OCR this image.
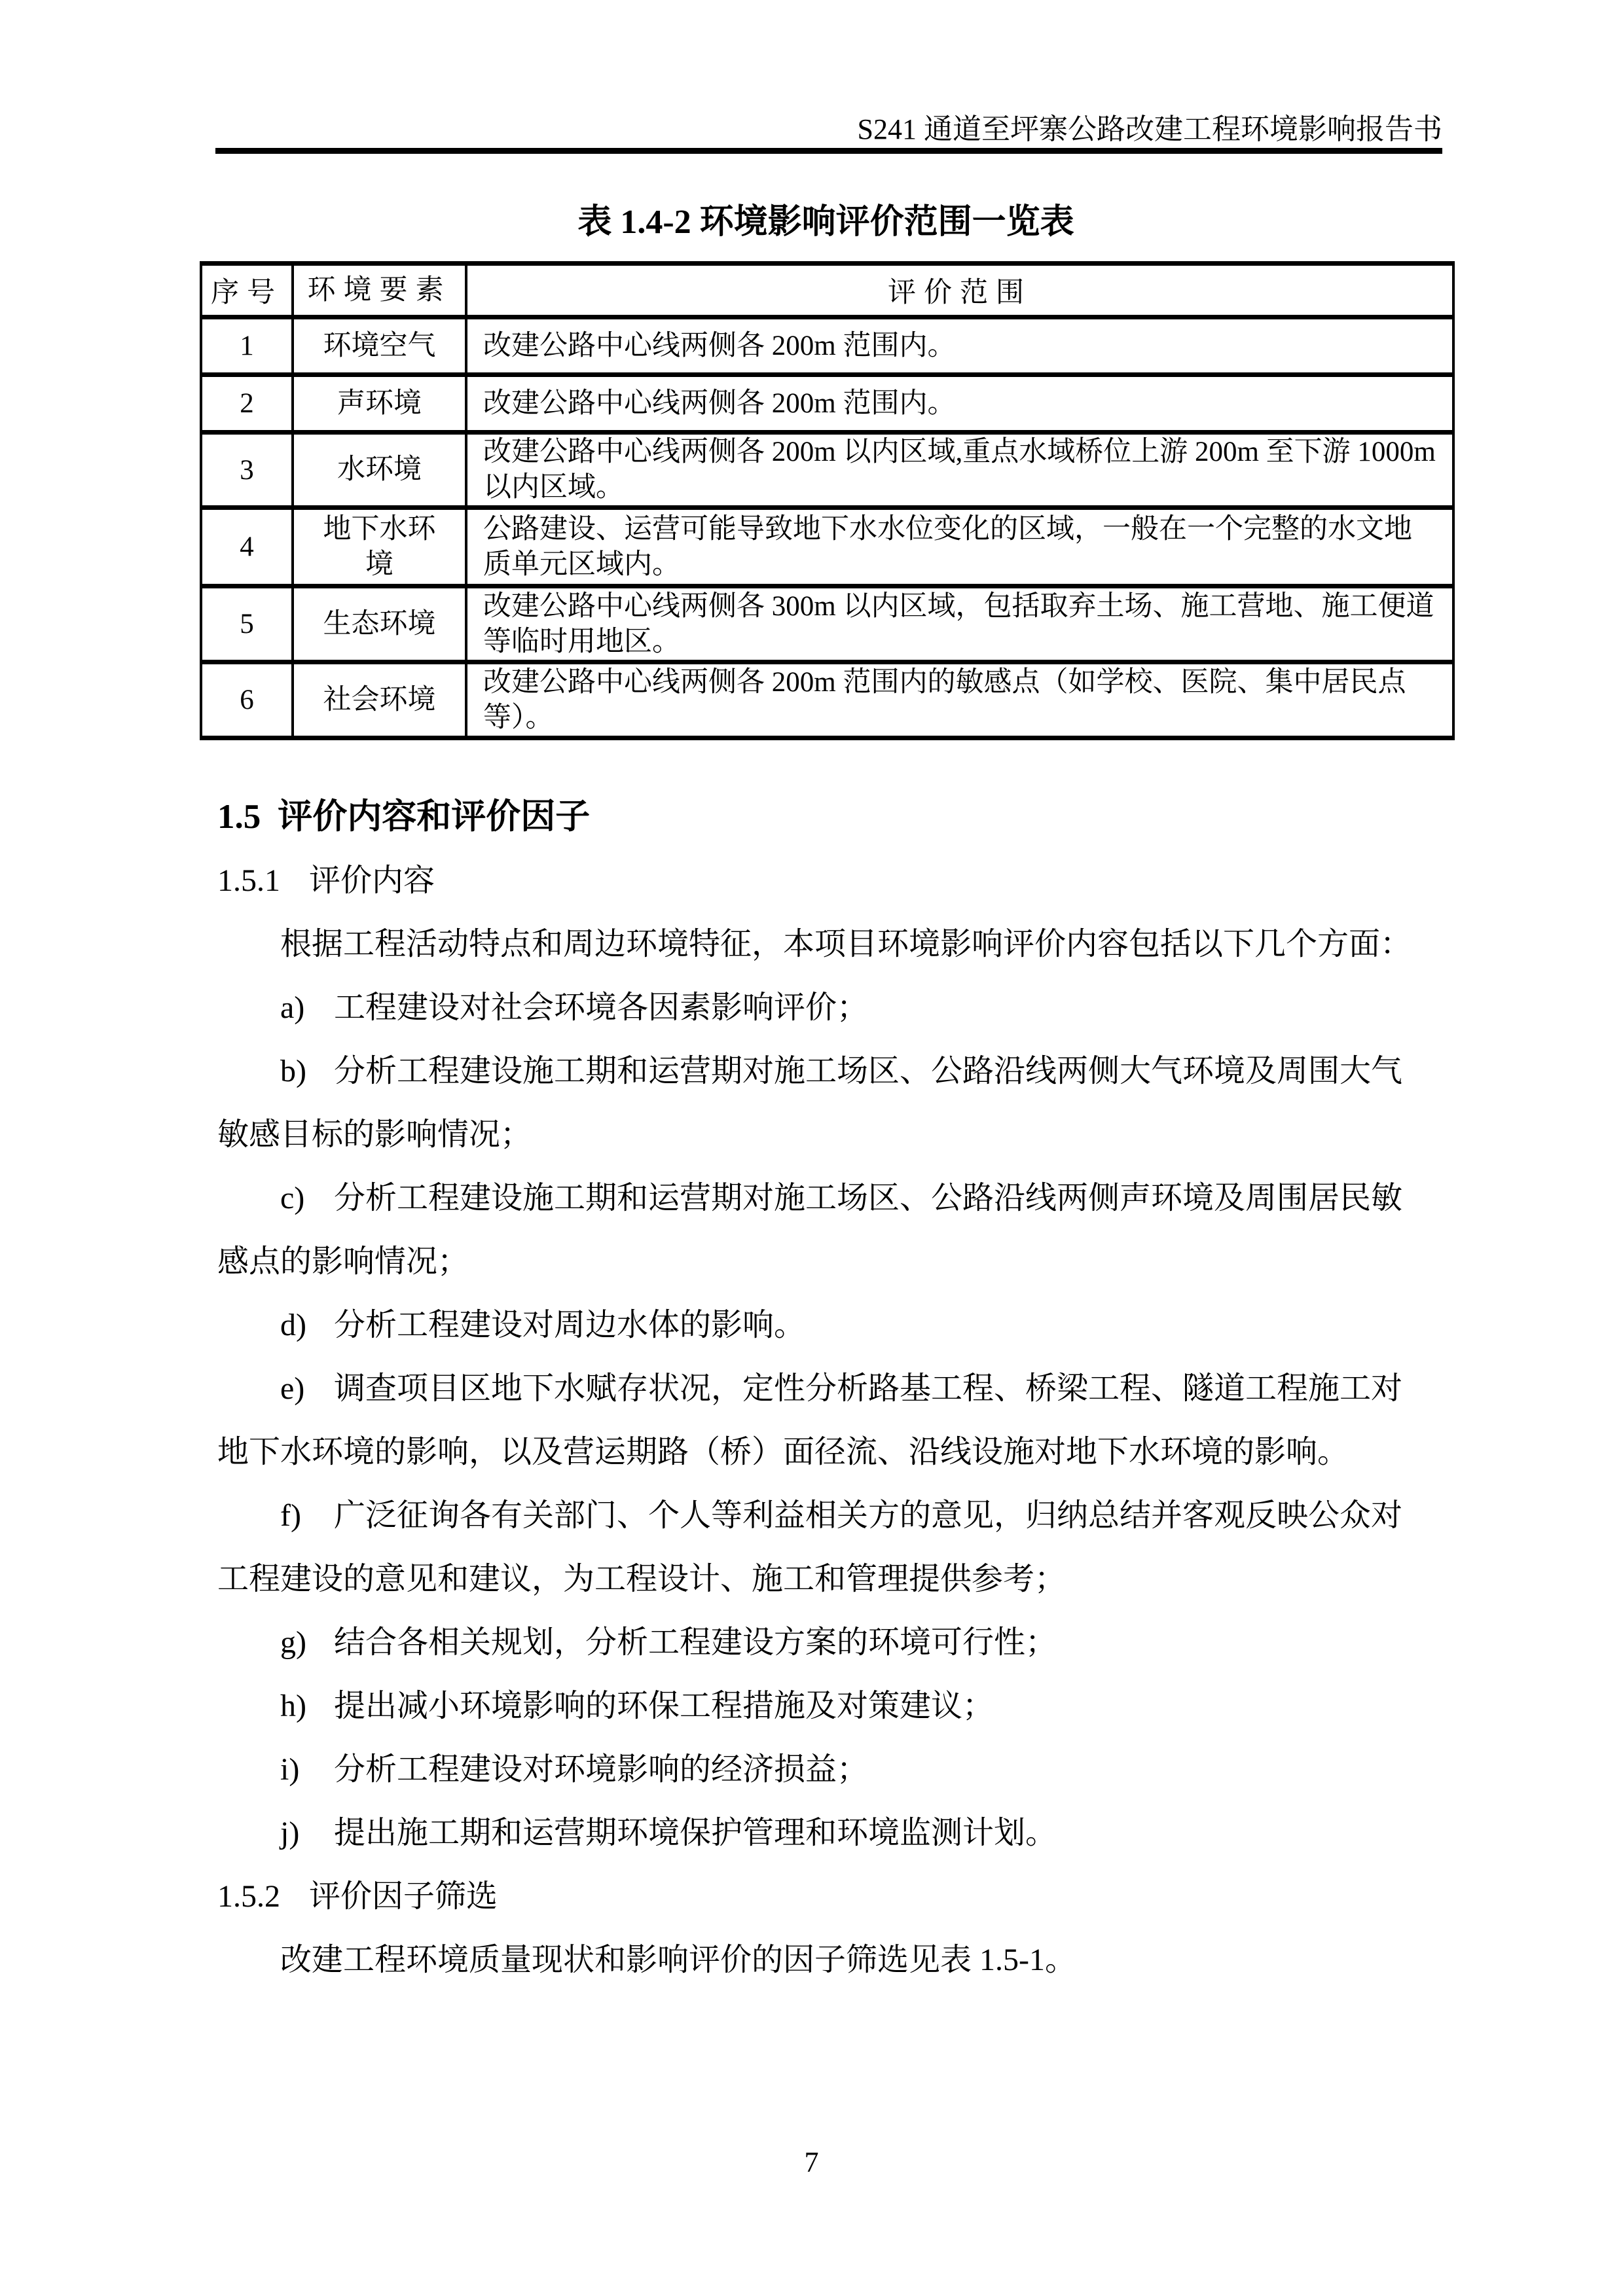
S241 通道至坪寨公路改建工程环境影响报告书
表 1.4-2 环境影响评价范围一览表
序号	环境要素	评价范围
1	环境空气	改建公路中心线两侧各 200m 范围内。

2	声环境	改建公路中心线两侧各 200m 范围内。

3	水环境	改建公路中心线两侧各 200m 以内区域,重点水域桥位上游 200m 至下游 1000m
以内区域。

4	地下水环境	公路建设、运营可能导致地下水水位变化的区域，一般在一个完整的水文地
质单元区域内。

5	生态环境	改建公路中心线两侧各 300m 以内区域，包括取弃土场、施工营地、施工便道
等临时用地区。

6	社会环境	改建公路中心线两侧各 200m 范围内的敏感点（如学校、医院、集中居民点
等）。
1.5 评价内容和评价因子
1.5.1 评价内容
根据工程活动特点和周边环境特征，本项目环境影响评价内容包括以下几个方面：
a) 工程建设对社会环境各因素影响评价；
b) 分析工程建设施工期和运营期对施工场区、公路沿线两侧大气环境及周围大气
敏感目标的影响情况；
c) 分析工程建设施工期和运营期对施工场区、公路沿线两侧声环境及周围居民敏
感点的影响情况；
d) 分析工程建设对周边水体的影响。
e) 调查项目区地下水赋存状况，定性分析路基工程、桥梁工程、隧道工程施工对
地下水环境的影响，以及营运期路（桥）面径流、沿线设施对地下水环境的影响。
f) 广泛征询各有关部门、个人等利益相关方的意见，归纳总结并客观反映公众对
工程建设的意见和建议，为工程设计、施工和管理提供参考；
g) 结合各相关规划，分析工程建设方案的环境可行性；
h) 提出减小环境影响的环保工程措施及对策建议；
i) 分析工程建设对环境影响的经济损益；
j) 提出施工期和运营期环境保护管理和环境监测计划。
1.5.2 评价因子筛选
改建工程环境质量现状和影响评价的因子筛选见表 1.5-1。
7
